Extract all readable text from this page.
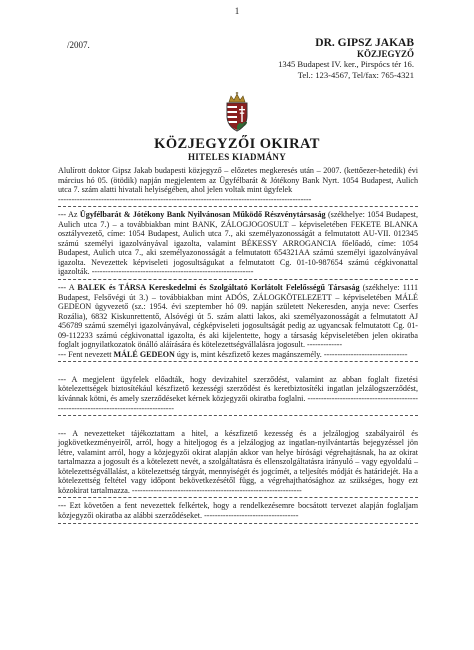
1
/2007.	DR. GIPSZ JAKAB
KÖZJEGYZŐ
1345 Budapest IV. ker., Pirspócs tér 16.
Tel.: 123-4567, Tel/fax: 765-4321
KÖZJEGYZŐI OKIRAT
HITELES KIADMÁNY

Alulírott doktor Gipsz Jakab budapesti közjegyző – előzetes megkeresés után – 2007. (kettőezer-hetedik) évi március hó 05. (ötödik) napján megjelentem az Ügyfélbarát & Jótékony Bank Nyrt. 1054 Budapest, Aulich utca 7. szám alatti hivatali helyiségében, ahol jelen voltak mint ügyfelek

----------------------------------------------------------------------------------------------

--- Az Ügyfélbarát & Jótékony Bank Nyilvánosan Működő Részvénytársaság (székhelye: 1054 Budapest, Aulich utca 7.) – a továbbiakban mint BANK, ZÁLOGJOGOSULT – képviseletében FEKETE BLANKA osztályvezető, címe: 1054 Budapest, Aulich utca 7., aki személyazonosságát a felmutatott AU-VII. 012345 számú személyi igazolványával igazolta, valamint BÉKESSY ARROGANCIA főelőadó, címe: 1054 Budapest, Aulich utca 7., aki személyazonosságát a felmutatott 654321AA számú személyi igazolványával igazolta. Nevezettek képviseleti jogosultságukat a felmutatott Cg. 01-10-987654 számú cégkivonattal igazolták. ------------------------------------------------------------

--- A BALEK és TÁRSA Kereskedelmi és Szolgáltató Korlátolt Felelősségű Társaság (székhelye: 1111 Budapest, Felsővégi út 3.) – továbbiakban mint ADÓS, ZÁLOGKÖTELEZETT – képviseletében MÁLÉ GEDEON ügyvezető (sz.: 1954. évi szeptember hó 09. napján született Nekeresden, anyja neve: Cserfes Rozália), 6832 Kiskunrettentő, Alsóvégi út 5. szám alatti lakos, aki személyazonosságát a felmutatott AJ 456789 számú személyi igazolványával, cégképviseleti jogosultságát pedig az ugyancsak felmutatott Cg. 01-09-112233 számú cégkivonattal igazolta, és aki kijelentette, hogy a társaság képviseletében jelen okiratba foglalt jognyilatkozatok önálló aláírására és kötelezettségvállalásra jogosult. -------------

--- Fent nevezett MÁLÉ GEDEON úgy is, mint készfizető kezes magánszemély. -------------------------------

--- A megjelent ügyfelek előadták, hogy devizahitel szerződést, valamint az abban foglalt fizetési kötelezettségek biztosítékául készfizető kezességi szerződést és keretbiztosítéki ingatlan jelzálogszerződést, kívánnak kötni, és amely szerződéseket kérnek közjegyzői okiratba foglalni. ------------------------------------------------------------------------------------

--- A nevezetteket tájékoztattam a hitel, a készfizető kezesség és a jelzálogjog szabályairól és jogkövetkezményeiről, arról, hogy a hiteljogog és a jelzálogjog az ingatlan-nyilvántartás bejegyzéssel jön létre, valamint arról, hogy a közjegyzői okirat alapján akkor van helye bírósági végrehajtásnak, ha az okirat tartalmazza a jogosult és a kötelezett nevét, a szolgáltatásra és ellenszolgáltatásra irányuló – vagy egyoldalú – kötelezettségvállalást, a kötelezettség tárgyát, mennyiségét és jogcímét, a teljesítés módját és határidejét. Ha a kötelezettség feltétel vagy időpont bekövetkezésétől függ, a végrehajthatósághoz az szükséges, hogy ezt közokirat tartalmazza. ---------------------------------------------------------------

--- Ezt követően a fent nevezettek felkértek, hogy a rendelkezésemre bocsátott tervezet alapján foglaljam közjegyzői okiratba az alábbi szerződéseket. -----------------------------------
